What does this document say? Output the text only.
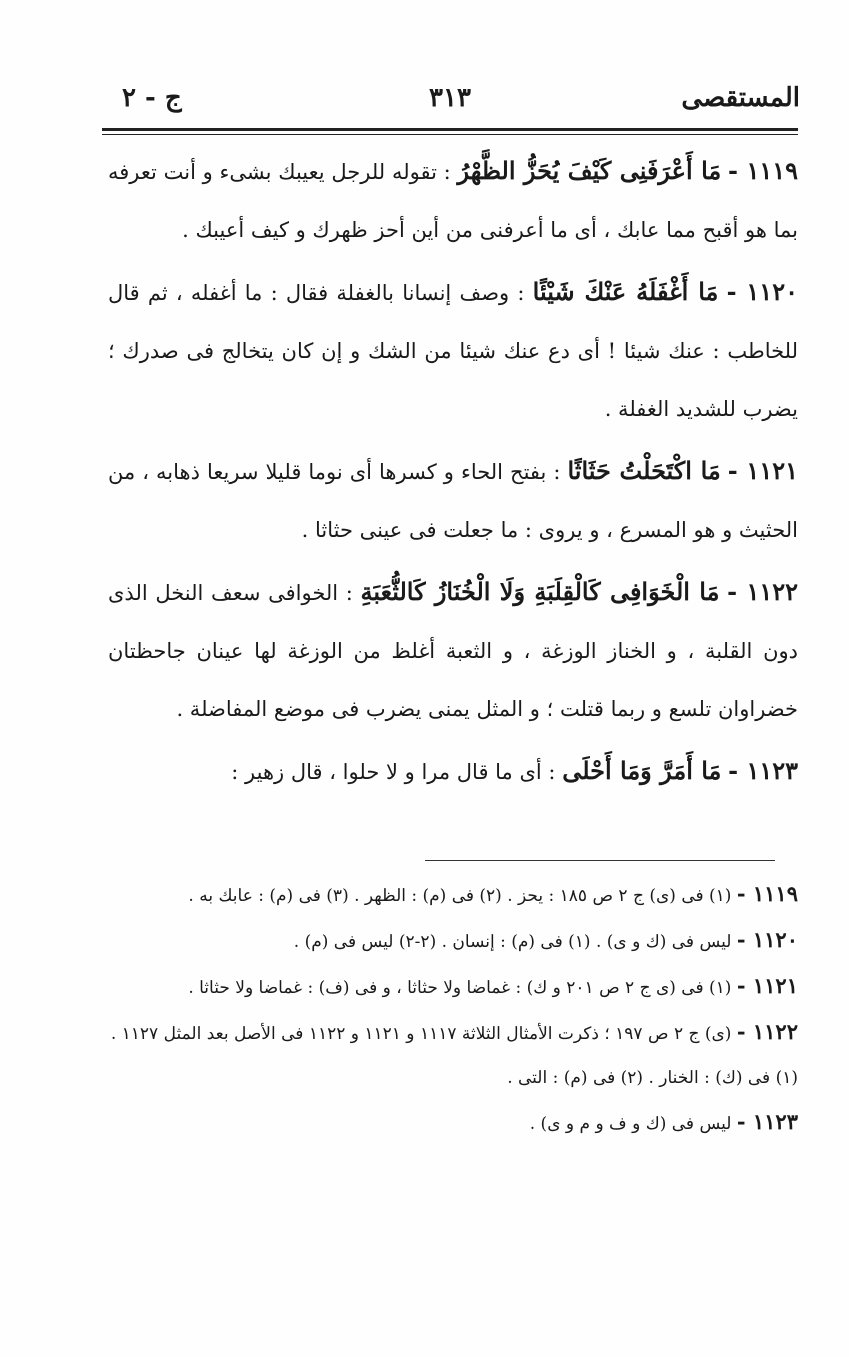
المستقصى
٣١٣
ج - ٢

١١١٩ - مَا أَعْرَفَنِى كَيْفَ يُحَزُّ الظَّهْرُ : تقوله للرجل يعيبك بشىء و أنت تعرفه بما هو أقبح مما عابك ، أى ما أعرفنى من أين أحز ظهرك و كيف أعيبك .

١١٢٠ - مَا أَغْفَلَهُ عَنْكَ شَيْئًا : وصف إنسانا بالغفلة فقال : ما أغفله ، ثم قال للخاطب : عنك شيئا ! أى دع عنك شيئا من الشك و إن كان يتخالج فى صدرك ؛ يضرب للشديد الغفلة .

١١٢١ - مَا اكْتَحَلْتُ حَثَاثًا : بفتح الحاء و كسرها أى نوما قليلا سريعا ذهابه ، من الحثيث و هو المسرع ، و يروى : ما جعلت فى عينى حثاثا .

١١٢٢ - مَا الْخَوَافِى كَالْقِلَبَةِ وَلَا الْخُنَازُ كَالثُّعَبَةِ : الخوافى سعف النخل الذى دون القلبة ، و الخناز الوزغة ، و الثعبة أغلظ من الوزغة لها عينان جاحظتان خضراوان تلسع و ربما قتلت ؛ و المثل يمنى يضرب فى موضع المفاضلة .

١١٢٣ - مَا أَمَرَّ وَمَا أَحْلَى : أى ما قال مرا و لا حلوا ، قال زهير :

١١١٩ - (١) فى (ى) ج ٢ ص ١٨٥ : يحز . (٢) فى (م) : الظهر . (٣) فى (م) : عابك به .

١١٢٠ - ليس فى (ك و ى) . (١) فى (م) : إنسان . (٢-٢) ليس فى (م) .

١١٢١ - (١) فى (ى ج ٢ ص ٢٠١ و ك) : غماضا ولا حثاثا ، و فى (ف) : غماضا ولا حثاثا .

١١٢٢ - (ى) ج ٢ ص ١٩٧ ؛ ذكرت الأمثال الثلاثة ١١١٧ و ١١٢١ و ١١٢٢ فى الأصل بعد المثل ١١٢٧ . (١) فى (ك) : الخنار . (٢) فى (م) : التى .

١١٢٣ - ليس فى (ك و ف و م و ى) .
